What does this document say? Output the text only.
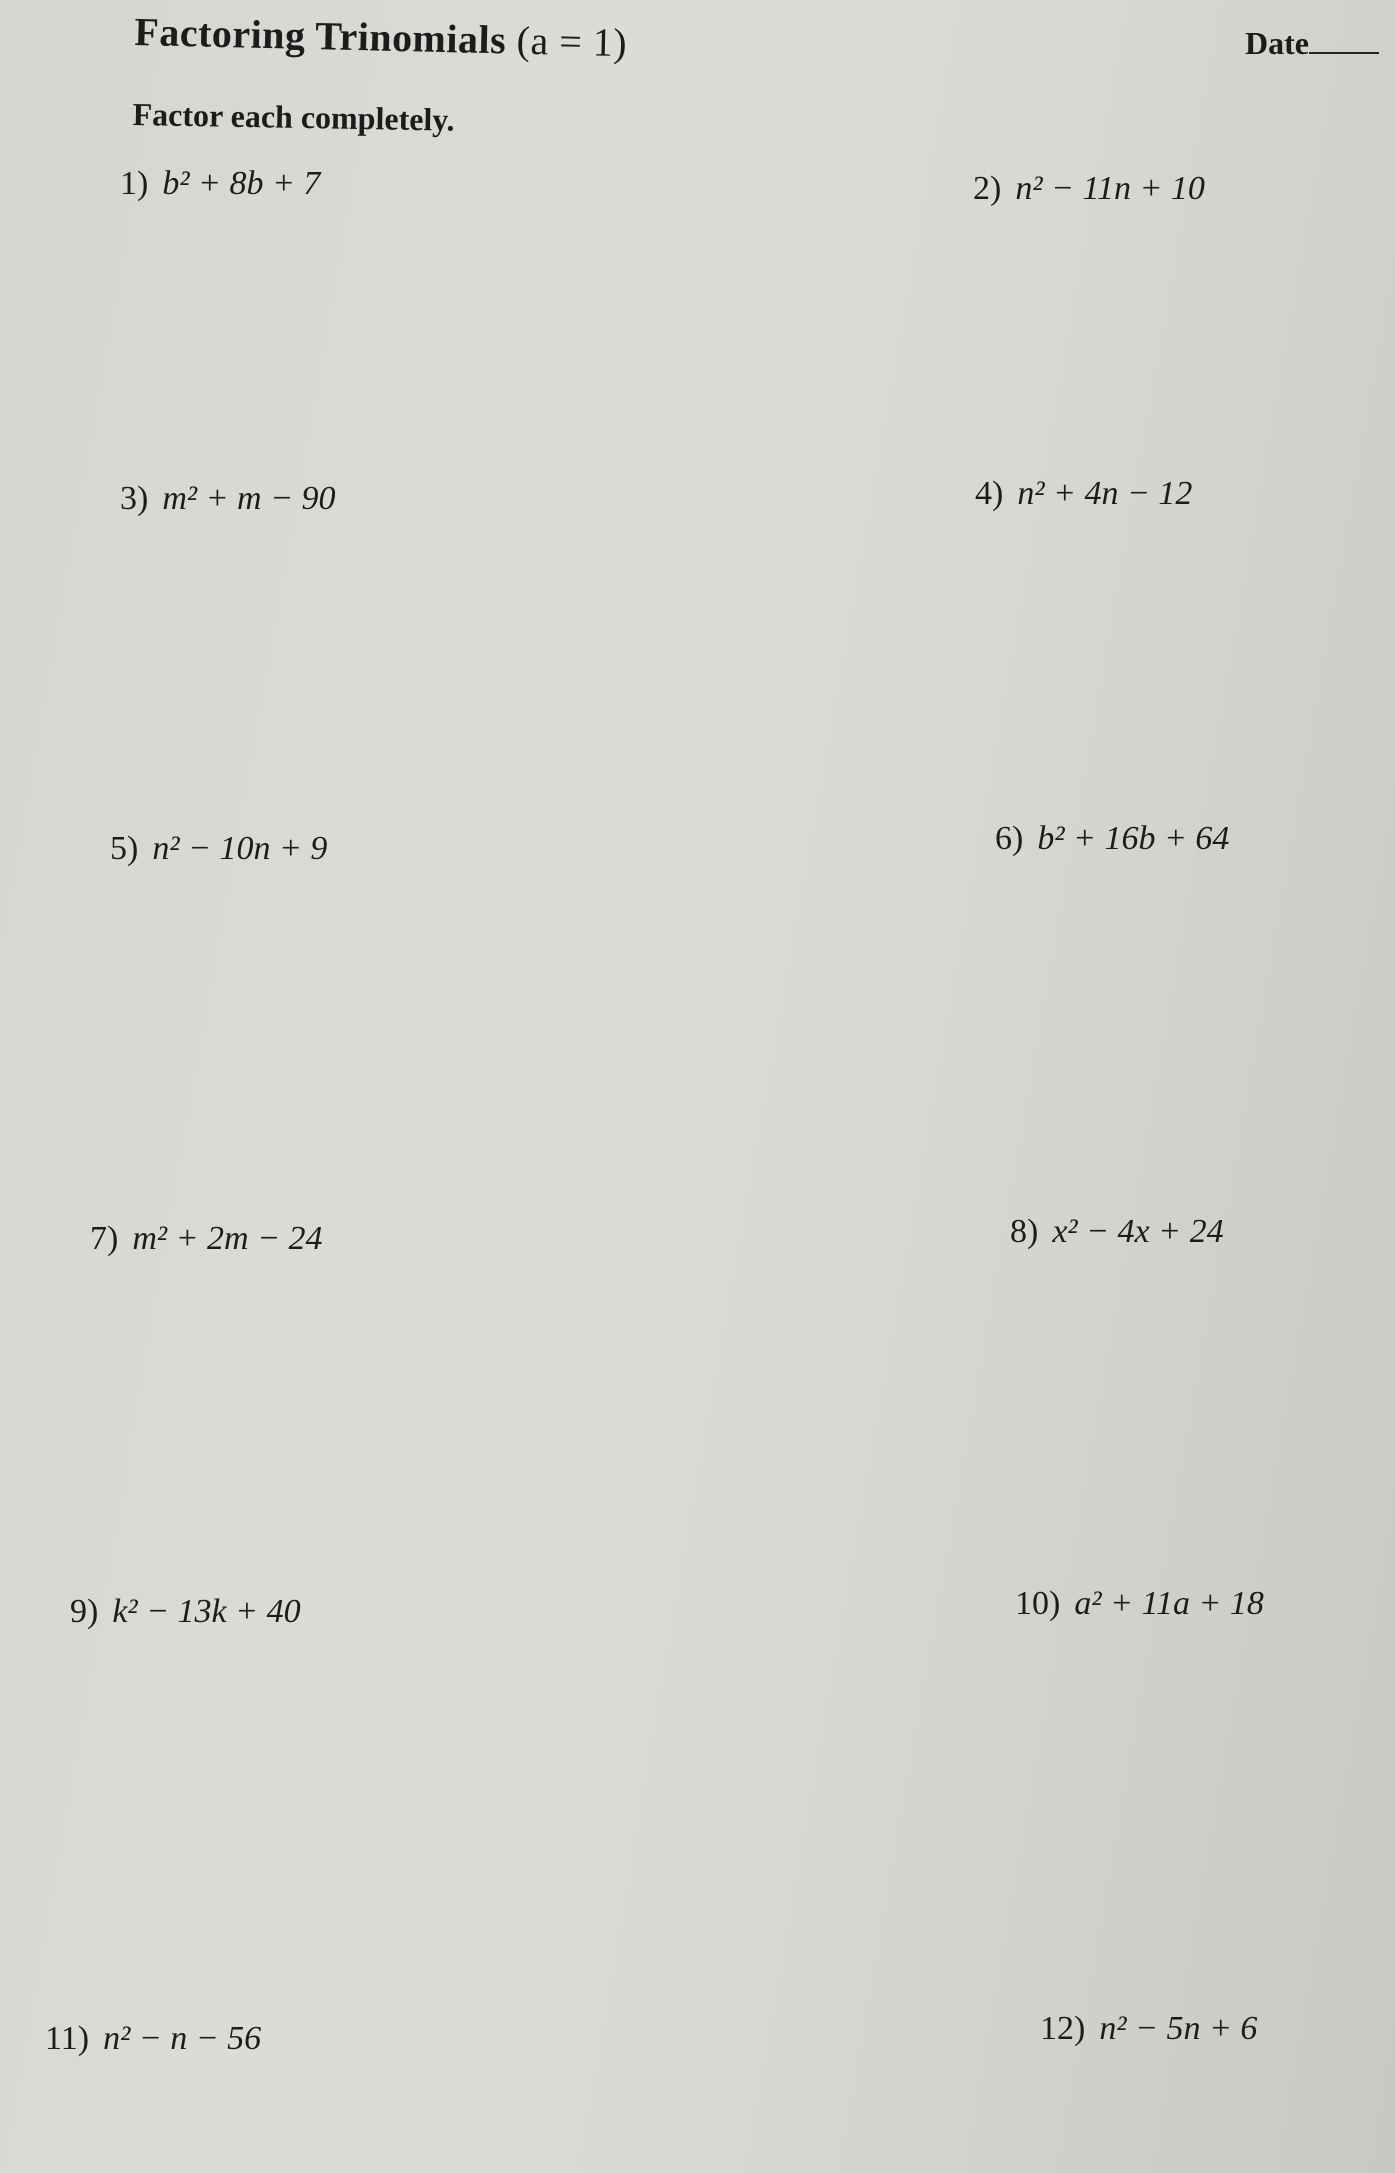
Factoring Trinomials (a = 1)	Date
Factor each completely.
1) b² + 8b + 7	2) n² − 11n + 10
3) m² + m − 90	4) n² + 4n − 12
5) n² − 10n + 9	6) b² + 16b + 64
7) m² + 2m − 24	8) x² − 4x + 24
9) k² − 13k + 40	10) a² + 11a + 18
11) n² − n − 56	12) n² − 5n + 6
